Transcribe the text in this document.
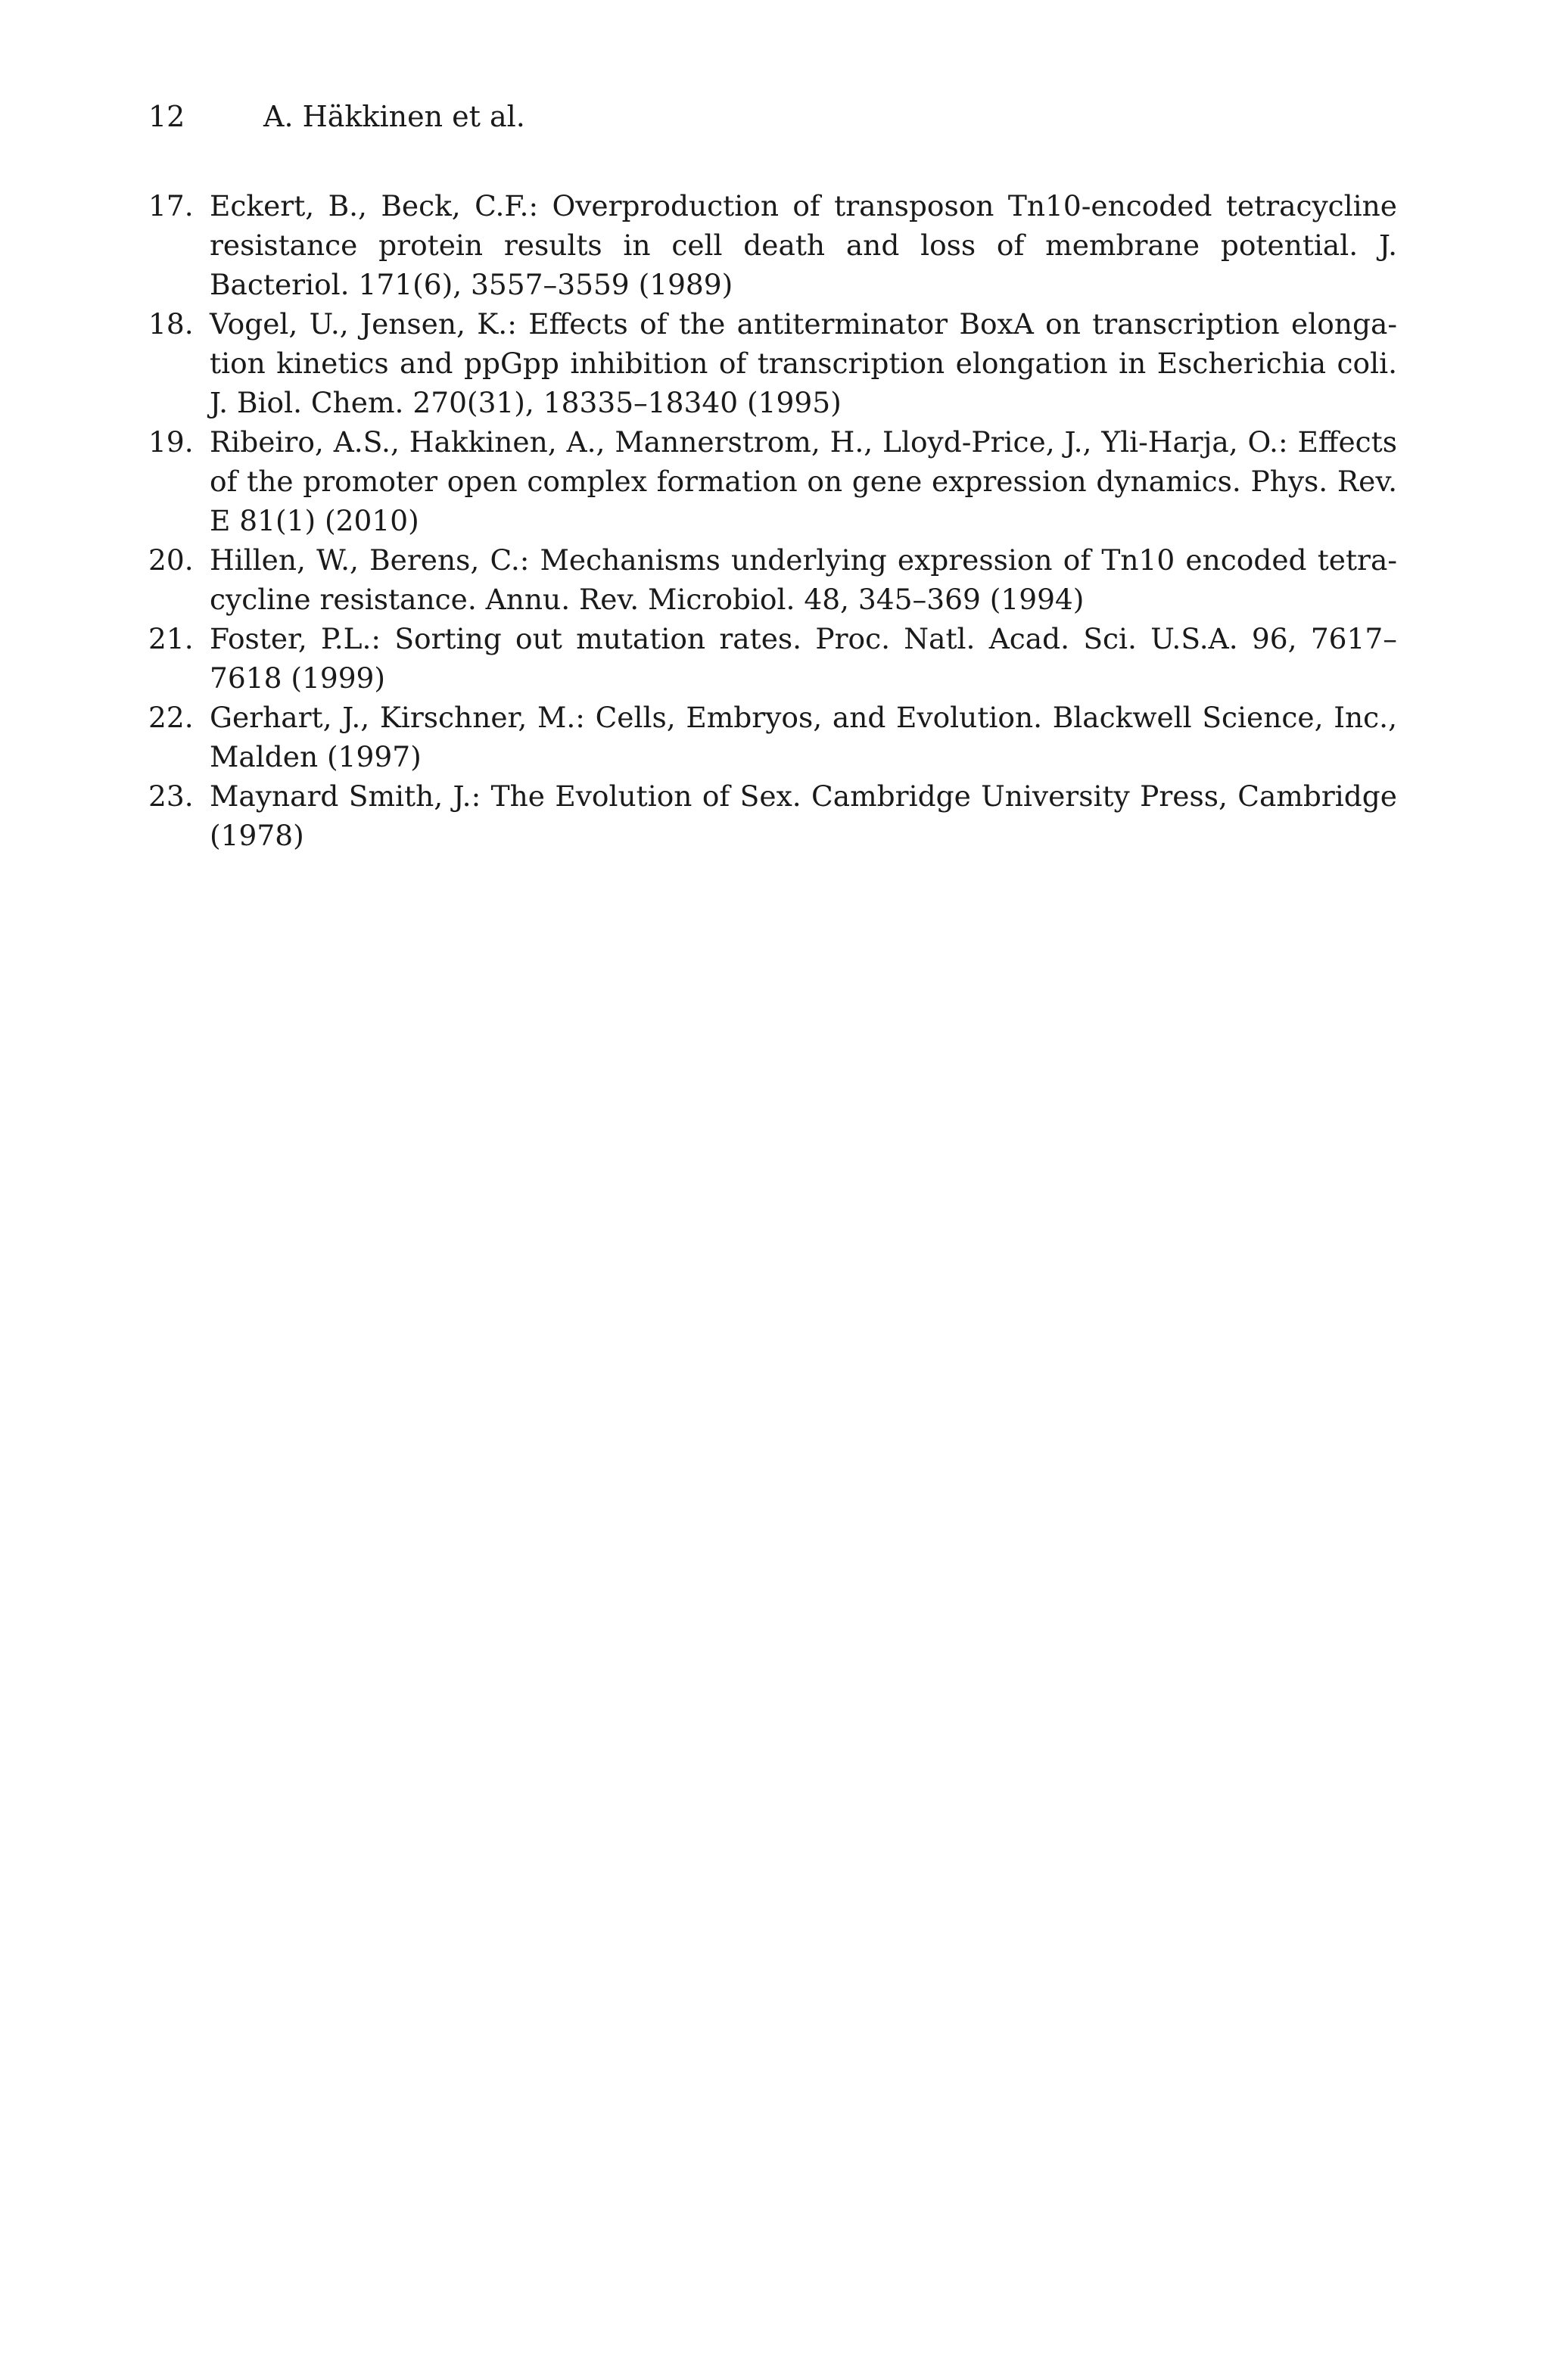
12	A. Häkkinen et al.
17. Eckert, B., Beck, C.F.: Overproduction of transposon Tn10-encoded tetracycline resistance protein results in cell death and loss of membrane potential. J. Bacteriol. 171(6), 3557–3559 (1989)
18. Vogel, U., Jensen, K.: Effects of the antiterminator BoxA on transcription elongation kinetics and ppGpp inhibition of transcription elongation in Escherichia coli. J. Biol. Chem. 270(31), 18335–18340 (1995)
19. Ribeiro, A.S., Hakkinen, A., Mannerstrom, H., Lloyd-Price, J., Yli-Harja, O.: Effects of the promoter open complex formation on gene expression dynamics. Phys. Rev. E 81(1) (2010)
20. Hillen, W., Berens, C.: Mechanisms underlying expression of Tn10 encoded tetracycline resistance. Annu. Rev. Microbiol. 48, 345–369 (1994)
21. Foster, P.L.: Sorting out mutation rates. Proc. Natl. Acad. Sci. U.S.A. 96, 7617–​7618 (1999)
22. Gerhart, J., Kirschner, M.: Cells, Embryos, and Evolution. Blackwell Science, Inc., Malden (1997)
23. Maynard Smith, J.: The Evolution of Sex. Cambridge University Press, Cambridge (1978)
